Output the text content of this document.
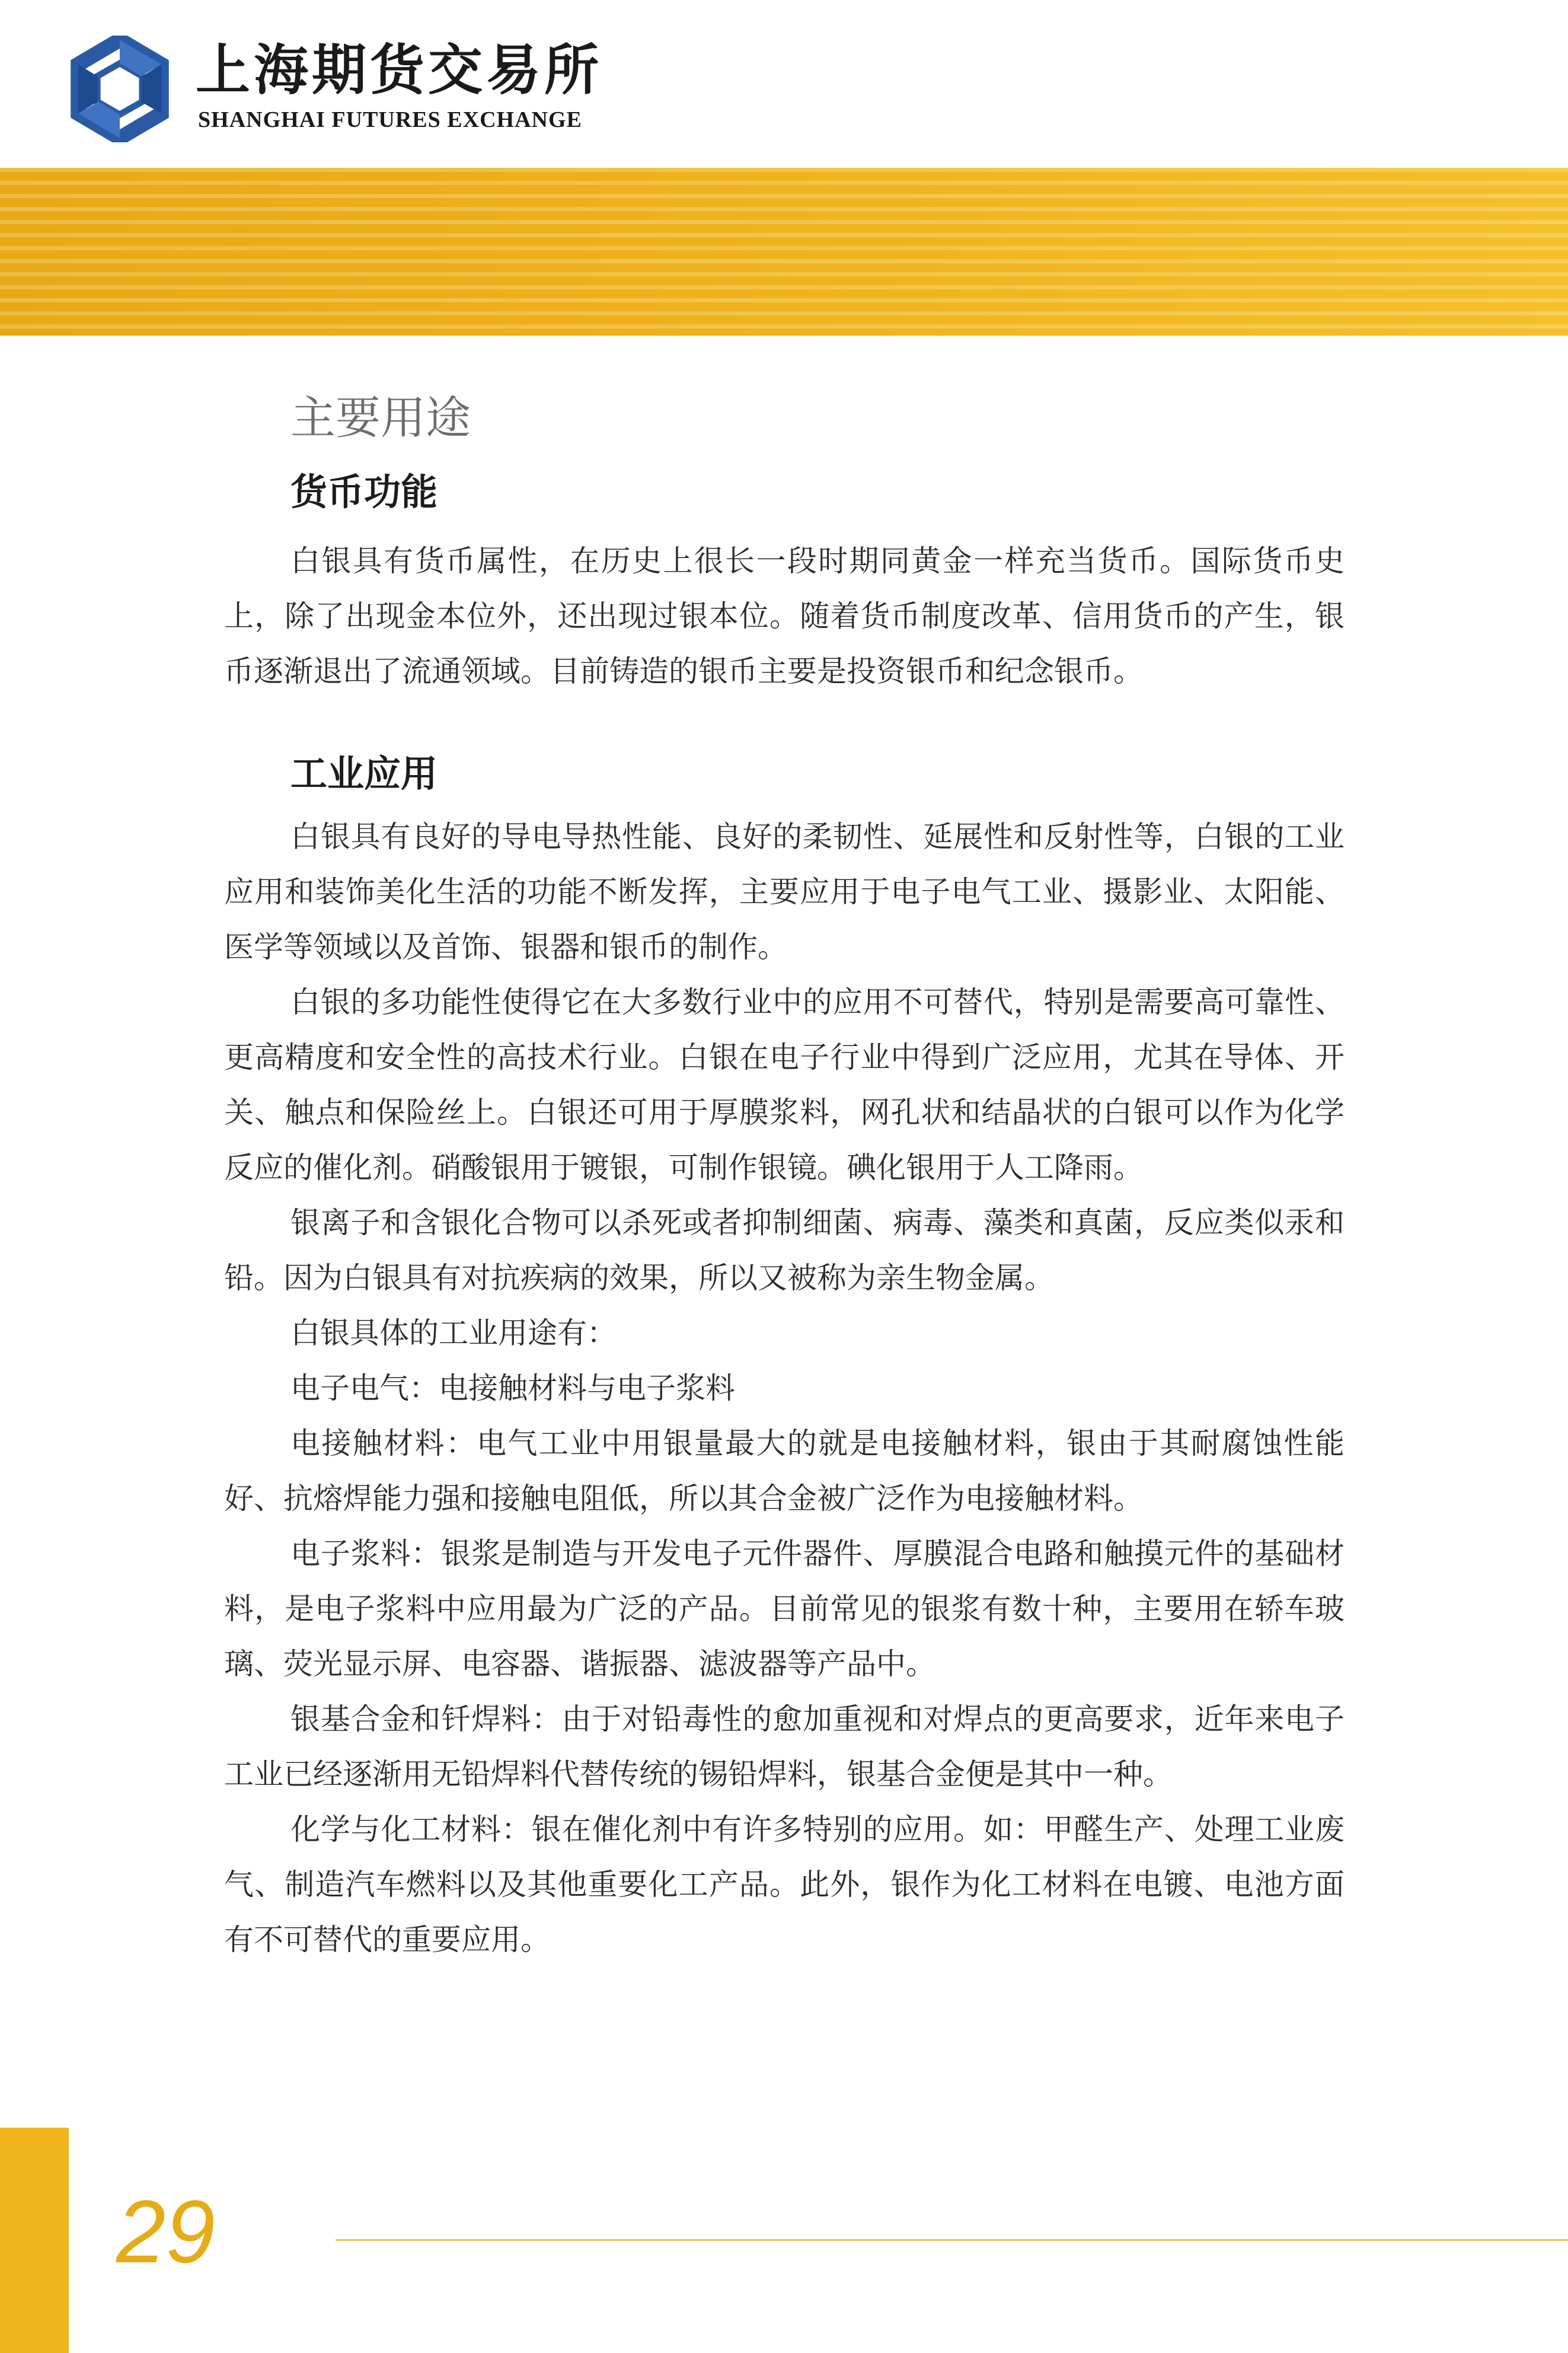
上海期货交易所
SHANGHAI FUTURES EXCHANGE
主要用途
货币功能

白银具有货币属性，在历史上很长一段时期同黄金一样充当货币。国际货币史上，除了出现金本位外，还出现过银本位。随着货币制度改革、信用货币的产生，银币逐渐退出了流通领域。目前铸造的银币主要是投资银币和纪念银币。

工业应用

白银具有良好的导电导热性能、良好的柔韧性、延展性和反射性等，白银的工业应用和装饰美化生活的功能不断发挥，主要应用于电子电气工业、摄影业、太阳能、医学等领域以及首饰、银器和银币的制作。

白银的多功能性使得它在大多数行业中的应用不可替代，特别是需要高可靠性、更高精度和安全性的高技术行业。白银在电子行业中得到广泛应用，尤其在导体、开关、触点和保险丝上。白银还可用于厚膜浆料，网孔状和结晶状的白银可以作为化学反应的催化剂。硝酸银用于镀银，可制作银镜。碘化银用于人工降雨。

银离子和含银化合物可以杀死或者抑制细菌、病毒、藻类和真菌，反应类似汞和铅。因为白银具有对抗疾病的效果，所以又被称为亲生物金属。

白银具体的工业用途有：

电子电气：电接触材料与电子浆料

电接触材料：电气工业中用银量最大的就是电接触材料，银由于其耐腐蚀性能好、抗熔焊能力强和接触电阻低，所以其合金被广泛作为电接触材料。

电子浆料：银浆是制造与开发电子元件器件、厚膜混合电路和触摸元件的基础材料，是电子浆料中应用最为广泛的产品。目前常见的银浆有数十种，主要用在轿车玻璃、荧光显示屏、电容器、谐振器、滤波器等产品中。

银基合金和钎焊料：由于对铅毒性的愈加重视和对焊点的更高要求，近年来电子工业已经逐渐用无铅焊料代替传统的锡铅焊料，银基合金便是其中一种。

化学与化工材料：银在催化剂中有许多特别的应用。如：甲醛生产、处理工业废气、制造汽车燃料以及其他重要化工产品。此外，银作为化工材料在电镀、电池方面有不可替代的重要应用。

29
